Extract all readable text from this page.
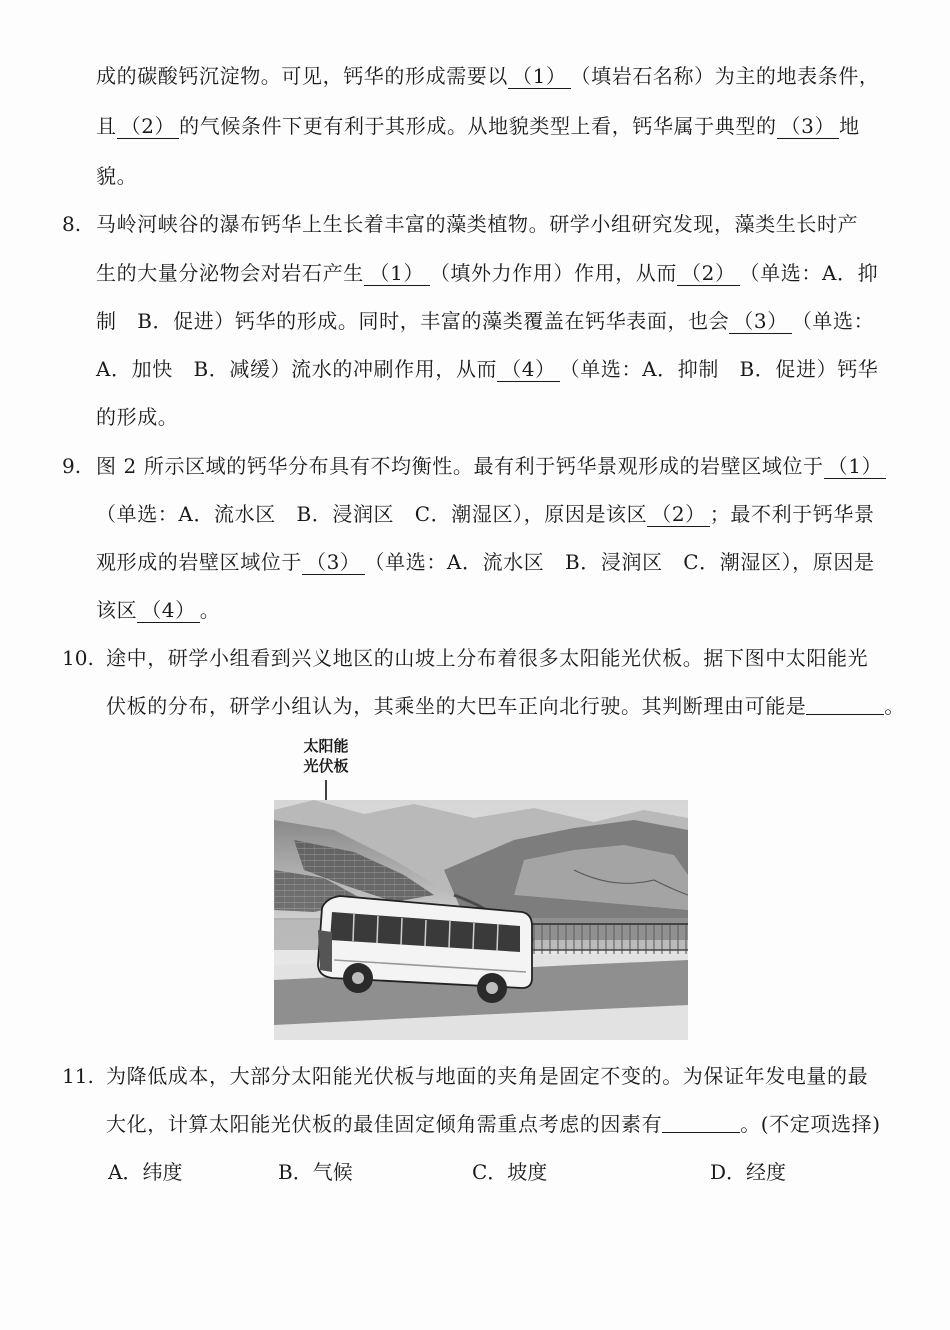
成的碳酸钙沉淀物。可见，钙华的形成需要以 （1） （填岩石名称）为主的地表条件，
且 （2） 的气候条件下更有利于其形成。从地貌类型上看，钙华属于典型的 （3） 地
貌。
8. 马岭河峡谷的瀑布钙华上生长着丰富的藻类植物。研学小组研究发现，藻类生长时产
生的大量分泌物会对岩石产生 （1） （填外力作用）作用，从而 （2） （单选：A．抑
制　B．促进）钙华的形成。同时，丰富的藻类覆盖在钙华表面，也会 （3） （单选：
A．加快　B．减缓）流水的冲刷作用，从而 （4） （单选：A．抑制　B．促进）钙华
的形成。
9. 图 2 所示区域的钙华分布具有不均衡性。最有利于钙华景观形成的岩壁区域位于 （1）
（单选：A．流水区　B．浸润区　C．潮湿区），原因是该区 （2） ；最不利于钙华景
观形成的岩壁区域位于 （3） （单选：A．流水区　B．浸润区　C．潮湿区），原因是
该区 （4） 。
10. 途中，研学小组看到兴义地区的山坡上分布着很多太阳能光伏板。据下图中太阳能光
伏板的分布，研学小组认为，其乘坐的大巴车正向北行驶。其判断理由可能是	。
太阳能
光伏板
11. 为降低成本，大部分太阳能光伏板与地面的夹角是固定不变的。为保证年发电量的最
大化，计算太阳能光伏板的最佳固定倾角需重点考虑的因素有	。(不定项选择)
A．纬度	B．气候	C．坡度	D．经度
